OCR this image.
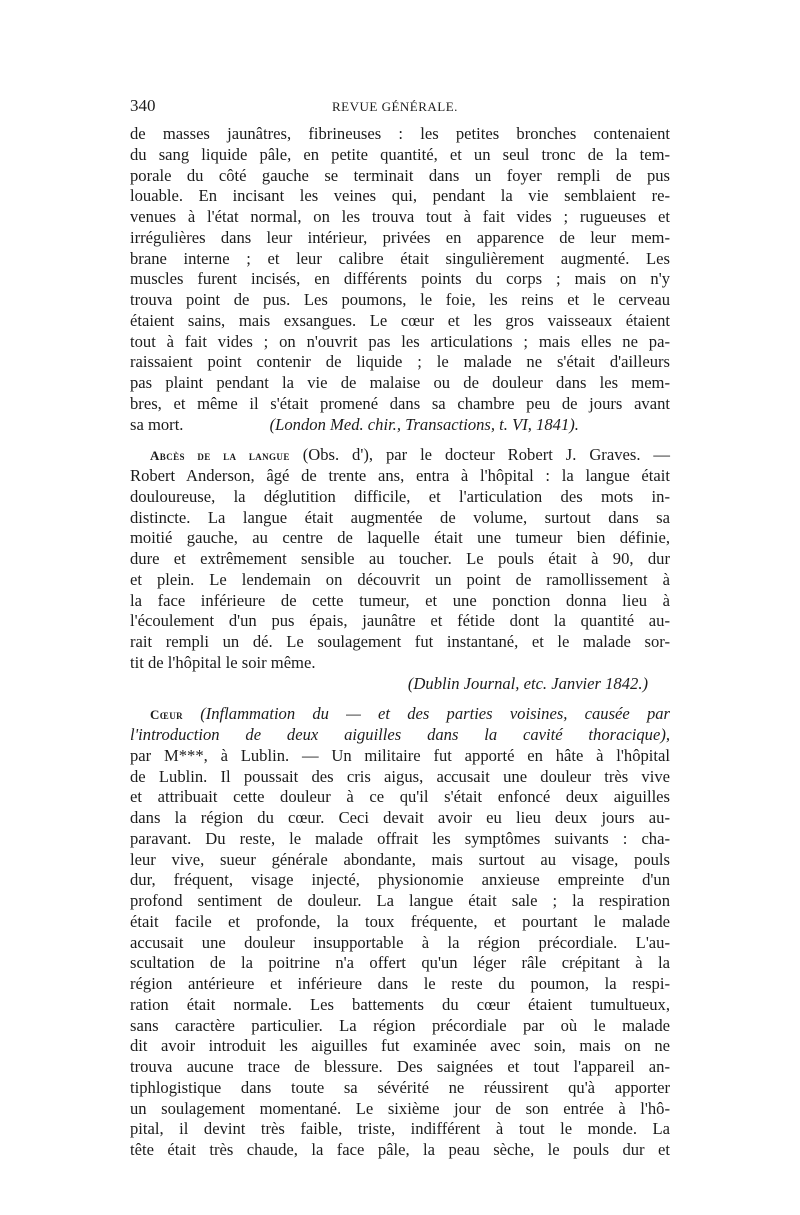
340	REVUE GÉNÉRALE.
de masses jaunâtres, fibrineuses : les petites bronches contenaient
du sang liquide pâle, en petite quantité, et un seul tronc de la tem-
porale du côté gauche se terminait dans un foyer rempli de pus
louable. En incisant les veines qui, pendant la vie semblaient re-
venues à l'état normal, on les trouva tout à fait vides ; rugueuses et
irrégulières dans leur intérieur, privées en apparence de leur mem-
brane interne ; et leur calibre était singulièrement augmenté. Les
muscles furent incisés, en différents points du corps ; mais on n'y
trouva point de pus. Les poumons, le foie, les reins et le cerveau
étaient sains, mais exsangues. Le cœur et les gros vaisseaux étaient
tout à fait vides ; on n'ouvrit pas les articulations ; mais elles ne pa-
raissaient point contenir de liquide ; le malade ne s'était d'ailleurs
pas plaint pendant la vie de malaise ou de douleur dans les mem-
bres, et même il s'était promené dans sa chambre peu de jours avant
sa mort.	(London Med. chir., Transactions, t. VI, 1841).
Abcès de la langue (Obs. d'), par le docteur Robert J. Graves. —
Robert Anderson, âgé de trente ans, entra à l'hôpital : la langue était
douloureuse, la déglutition difficile, et l'articulation des mots in-
distincte. La langue était augmentée de volume, surtout dans sa
moitié gauche, au centre de laquelle était une tumeur bien définie,
dure et extrêmement sensible au toucher. Le pouls était à 90, dur
et plein. Le lendemain on découvrit un point de ramollissement à
la face inférieure de cette tumeur, et une ponction donna lieu à
l'écoulement d'un pus épais, jaunâtre et fétide dont la quantité au-
rait rempli un dé. Le soulagement fut instantané, et le malade sor-
tit de l'hôpital le soir même.
(Dublin Journal, etc. Janvier 1842.)
Cœur (Inflammation du — et des parties voisines, causée par
l'introduction de deux aiguilles dans la cavité thoracique),
par M***, à Lublin. — Un militaire fut apporté en hâte à l'hôpital
de Lublin. Il poussait des cris aigus, accusait une douleur très vive
et attribuait cette douleur à ce qu'il s'était enfoncé deux aiguilles
dans la région du cœur. Ceci devait avoir eu lieu deux jours au-
paravant. Du reste, le malade offrait les symptômes suivants : cha-
leur vive, sueur générale abondante, mais surtout au visage, pouls
dur, fréquent, visage injecté, physionomie anxieuse empreinte d'un
profond sentiment de douleur. La langue était sale ; la respiration
était facile et profonde, la toux fréquente, et pourtant le malade
accusait une douleur insupportable à la région précordiale. L'au-
scultation de la poitrine n'a offert qu'un léger râle crépitant à la
région antérieure et inférieure dans le reste du poumon, la respi-
ration était normale. Les battements du cœur étaient tumultueux,
sans caractère particulier. La région précordiale par où le malade
dit avoir introduit les aiguilles fut examinée avec soin, mais on ne
trouva aucune trace de blessure. Des saignées et tout l'appareil an-
tiphlogistique dans toute sa sévérité ne réussirent qu'à apporter
un soulagement momentané. Le sixième jour de son entrée à l'hô-
pital, il devint très faible, triste, indifférent à tout le monde. La
tête était très chaude, la face pâle, la peau sèche, le pouls dur et
